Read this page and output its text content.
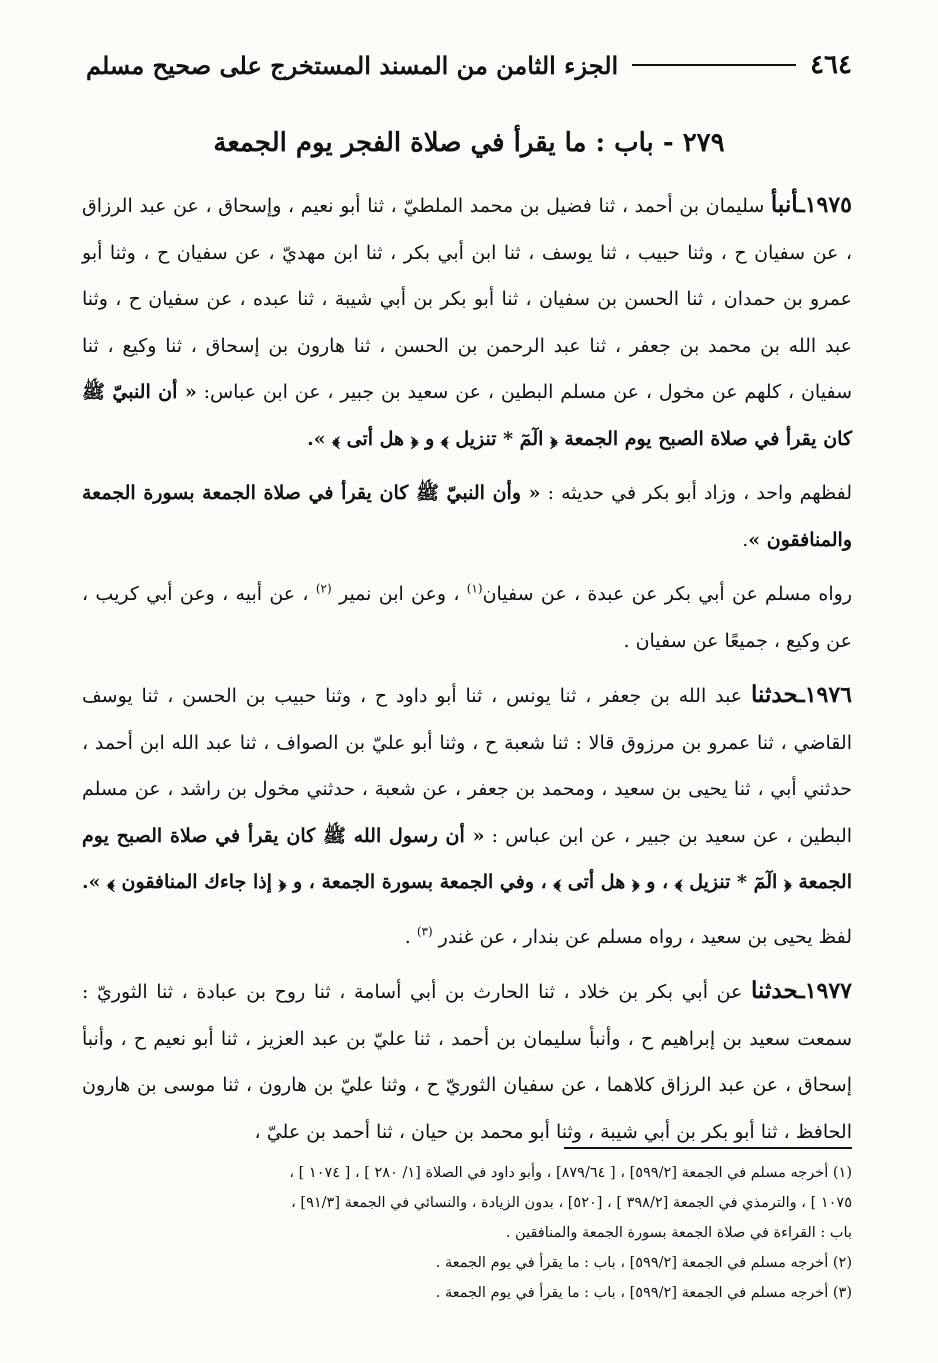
٤٦٤
الجزء الثامن من المسند المستخرج على صحيح مسلم
٢٧٩ - باب : ما يقرأ في صلاة الفجر يوم الجمعة

١٩٧٥ـأنبأ سليمان بن أحمد ، ثنا فضيل بن محمد الملطيّ ، ثنا أبو نعيم ، وإسحاق ، عن عبد الرزاق ، عن سفيان ح ، وثنا حبيب ، ثنا يوسف ، ثنا ابن أبي بكر ، ثنا ابن مهديّ ، عن سفيان ح ، وثنا أبو عمرو بن حمدان ، ثنا الحسن بن سفيان ، ثنا أبو بكر بن أبي شيبة ، ثنا عبده ، عن سفيان ح ، وثنا عبد الله بن محمد بن جعفر ، ثنا عبد الرحمن بن الحسن ، ثنا هارون بن إسحاق ، ثنا وكيع ، ثنا سفيان ، كلهم عن مخول ، عن مسلم البطين ، عن سعيد بن جبير ، عن ابن عباس: « أن النبيّ ﷺ كان يقرأ في صلاة الصبح يوم الجمعة ﴿ الٓمٓ * تنزيل ﴾ و ﴿ هل أتى ﴾ ».

لفظهم واحد ، وزاد أبو بكر في حديثه : « وأن النبيّ ﷺ كان يقرأ في صلاة الجمعة بسورة الجمعة والمنافقون ».

رواه مسلم عن أبي بكر عن عبدة ، عن سفيان$^{(١)}$ ، وعن ابن نمير $^{(٢)}$ ، عن أبيه ، وعن أبي كريب ، عن وكيع ، جميعًا عن سفيان .

١٩٧٦ـحدثنا عبد الله بن جعفر ، ثنا يونس ، ثنا أبو داود ح ، وثنا حبيب بن الحسن ، ثنا يوسف القاضي ، ثنا عمرو بن مرزوق قالا : ثنا شعبة ح ، وثنا أبو عليّ بن الصواف ، ثنا عبد الله ابن أحمد ، حدثني أبي ، ثنا يحيى بن سعيد ، ومحمد بن جعفر ، عن شعبة ، حدثني مخول بن راشد ، عن مسلم البطين ، عن سعيد بن جبير ، عن ابن عباس : « أن رسول الله ﷺ كان يقرأ في صلاة الصبح يوم الجمعة ﴿ الٓمٓ * تنزيل ﴾ ، و ﴿ هل أتى ﴾ ، وفي الجمعة بسورة الجمعة ، و ﴿ إذا جاءك المنافقون ﴾ ».

لفظ يحيى بن سعيد ، رواه مسلم عن بندار ، عن غندر $^{(٣)}$ .

١٩٧٧ـحدثنا عن أبي بكر بن خلاد ، ثنا الحارث بن أبي أسامة ، ثنا روح بن عبادة ، ثنا الثوريّ : سمعت سعيد بن إبراهيم ح ، وأنبأ سليمان بن أحمد ، ثنا عليّ بن عبد العزيز ، ثنا أبو نعيم ح ، وأنبأ إسحاق ، عن عبد الرزاق كلاهما ، عن سفيان الثوريّ ح ، وثنا عليّ بن هارون ، ثنا موسى بن هارون الحافظ ، ثنا أبو بكر بن أبي شيبة ، وثنا أبو محمد بن حيان ، ثنا أحمد بن عليّ ،

(١) أخرجه مسلم في الجمعة [٥٩٩/٢] ، [ ٨٧٩/٦٤] ، وأبو داود في الصلاة [١/ ٢٨٠ ] ، [ ١٠٧٤ ] ،

١٠٧٥ ] ، والترمذي في الجمعة [٣٩٨/٢ ] ، [٥٢٠] ، بدون الزيادة ، والنسائي في الجمعة [٩١/٣] ،

باب : القراءة في صلاة الجمعة بسورة الجمعة والمنافقين .

(٢) أخرجه مسلم في الجمعة [٥٩٩/٢] ، باب : ما يقرأ في يوم الجمعة .

(٣) أخرجه مسلم في الجمعة [٥٩٩/٢] ، باب : ما يقرأ في يوم الجمعة .
